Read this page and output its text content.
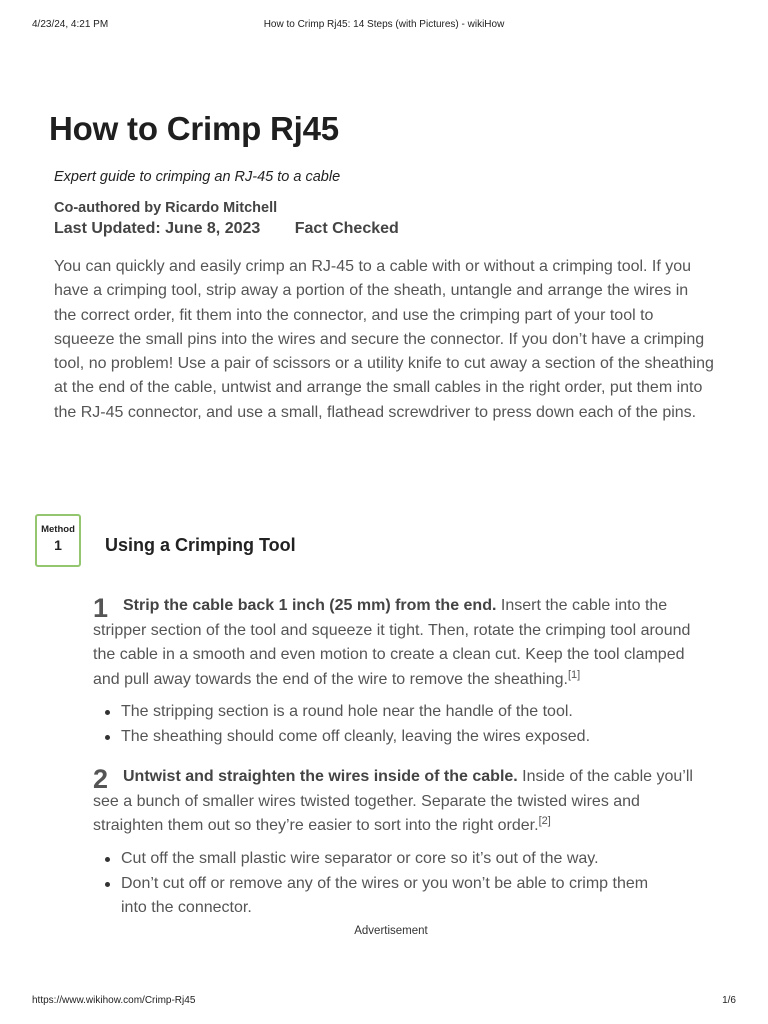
4/23/24, 4:21 PM	How to Crimp Rj45: 14 Steps (with Pictures) - wikiHow
How to Crimp Rj45
Expert guide to crimping an RJ-45 to a cable
Co-authored by Ricardo Mitchell
Last Updated: June 8, 2023 Fact Checked

You can quickly and easily crimp an RJ-45 to a cable with or without a crimping tool. If you have a crimping tool, strip away a portion of the sheath, untangle and arrange the wires in the correct order, fit them into the connector, and use the crimping part of your tool to squeeze the small pins into the wires and secure the connector. If you don’t have a crimping tool, no problem! Use a pair of scissors or a utility knife to cut away a section of the sheathing at the end of the cable, untwist and arrange the small cables in the right order, put them into the RJ-45 connector, and use a small, flathead screwdriver to press down each of the pins.

Method
1	Using a Crimping Tool
1 Strip the cable back 1 inch (25 mm) from the end. Insert the cable into the stripper section of the tool and squeeze it tight. Then, rotate the crimping tool around the cable in a smooth and even motion to create a clean cut. Keep the tool clamped and pull away towards the end of the wire to remove the sheathing.[1]

The stripping section is a round hole near the handle of the tool.
The sheathing should come off cleanly, leaving the wires exposed.
2 Untwist and straighten the wires inside of the cable. Inside of the cable you’ll see a bunch of smaller wires twisted together. Separate the twisted wires and straighten them out so they’re easier to sort into the right order.[2]

Cut off the small plastic wire separator or core so it’s out of the way.
Don’t cut off or remove any of the wires or you won’t be able to crimp them into the connector.
Advertisement
https://www.wikihow.com/Crimp-Rj45	1/6
